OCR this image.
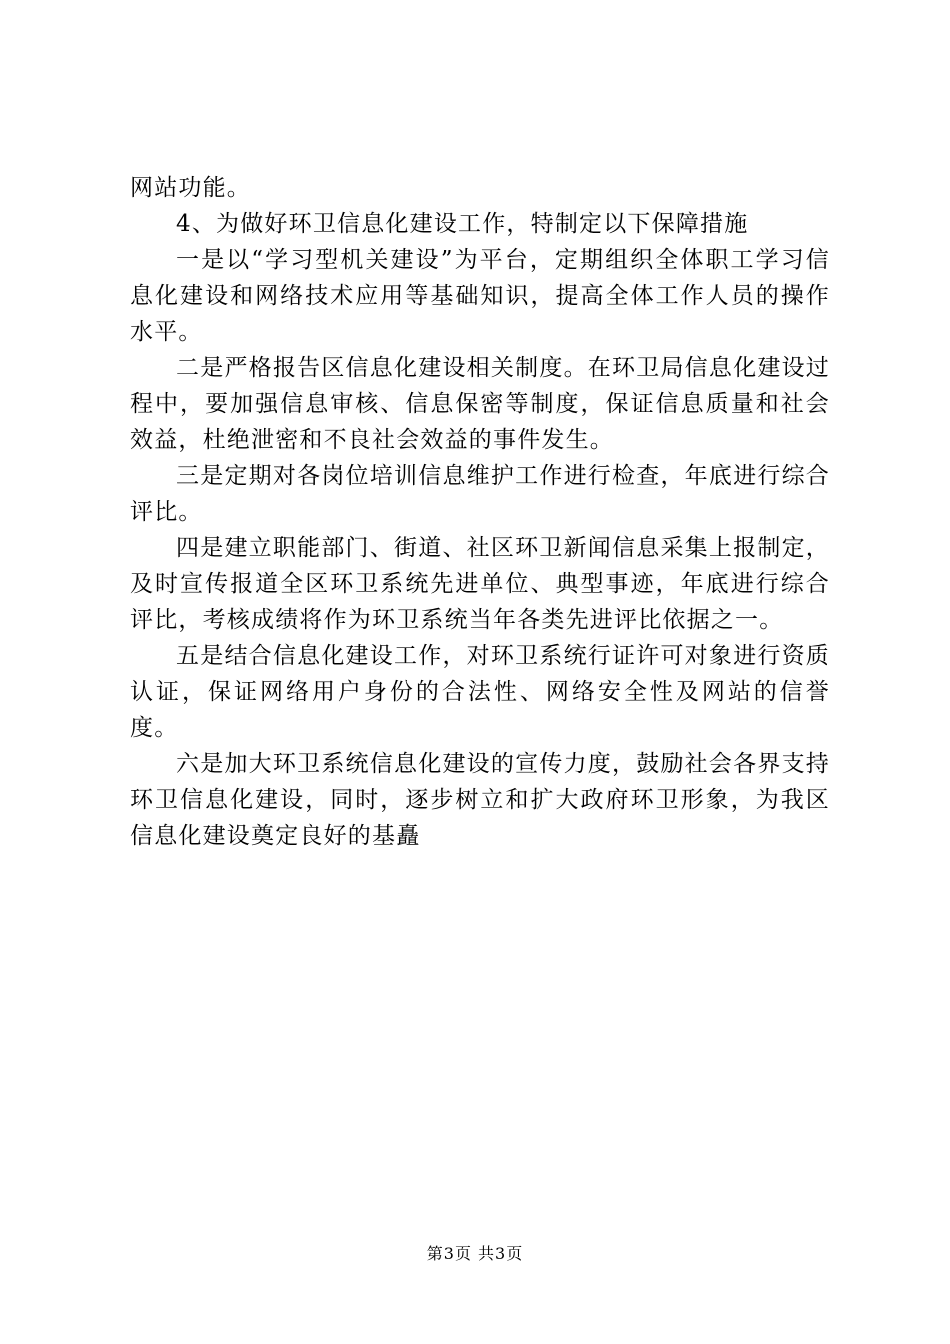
网站功能。

4、为做好环卫信息化建设工作，特制定以下保障措施

一是以“学习型机关建设”为平台，定期组织全体职工学习信息化建设和网络技术应用等基础知识，提高全体工作人员的操作水平。

二是严格报告区信息化建设相关制度。在环卫局信息化建设过程中，要加强信息审核、信息保密等制度，保证信息质量和社会效益，杜绝泄密和不良社会效益的事件发生。

三是定期对各岗位培训信息维护工作进行检查，年底进行综合评比。

四是建立职能部门、街道、社区环卫新闻信息采集上报制定，及时宣传报道全区环卫系统先进单位、典型事迹，年底进行综合评比，考核成绩将作为环卫系统当年各类先进评比依据之一。

五是结合信息化建设工作，对环卫系统行证许可对象进行资质认证，保证网络用户身份的合法性、网络安全性及网站的信誉度。

六是加大环卫系统信息化建设的宣传力度，鼓励社会各界支持环卫信息化建设，同时，逐步树立和扩大政府环卫形象，为我区信息化建设奠定良好的基矗

第3页 共3页
